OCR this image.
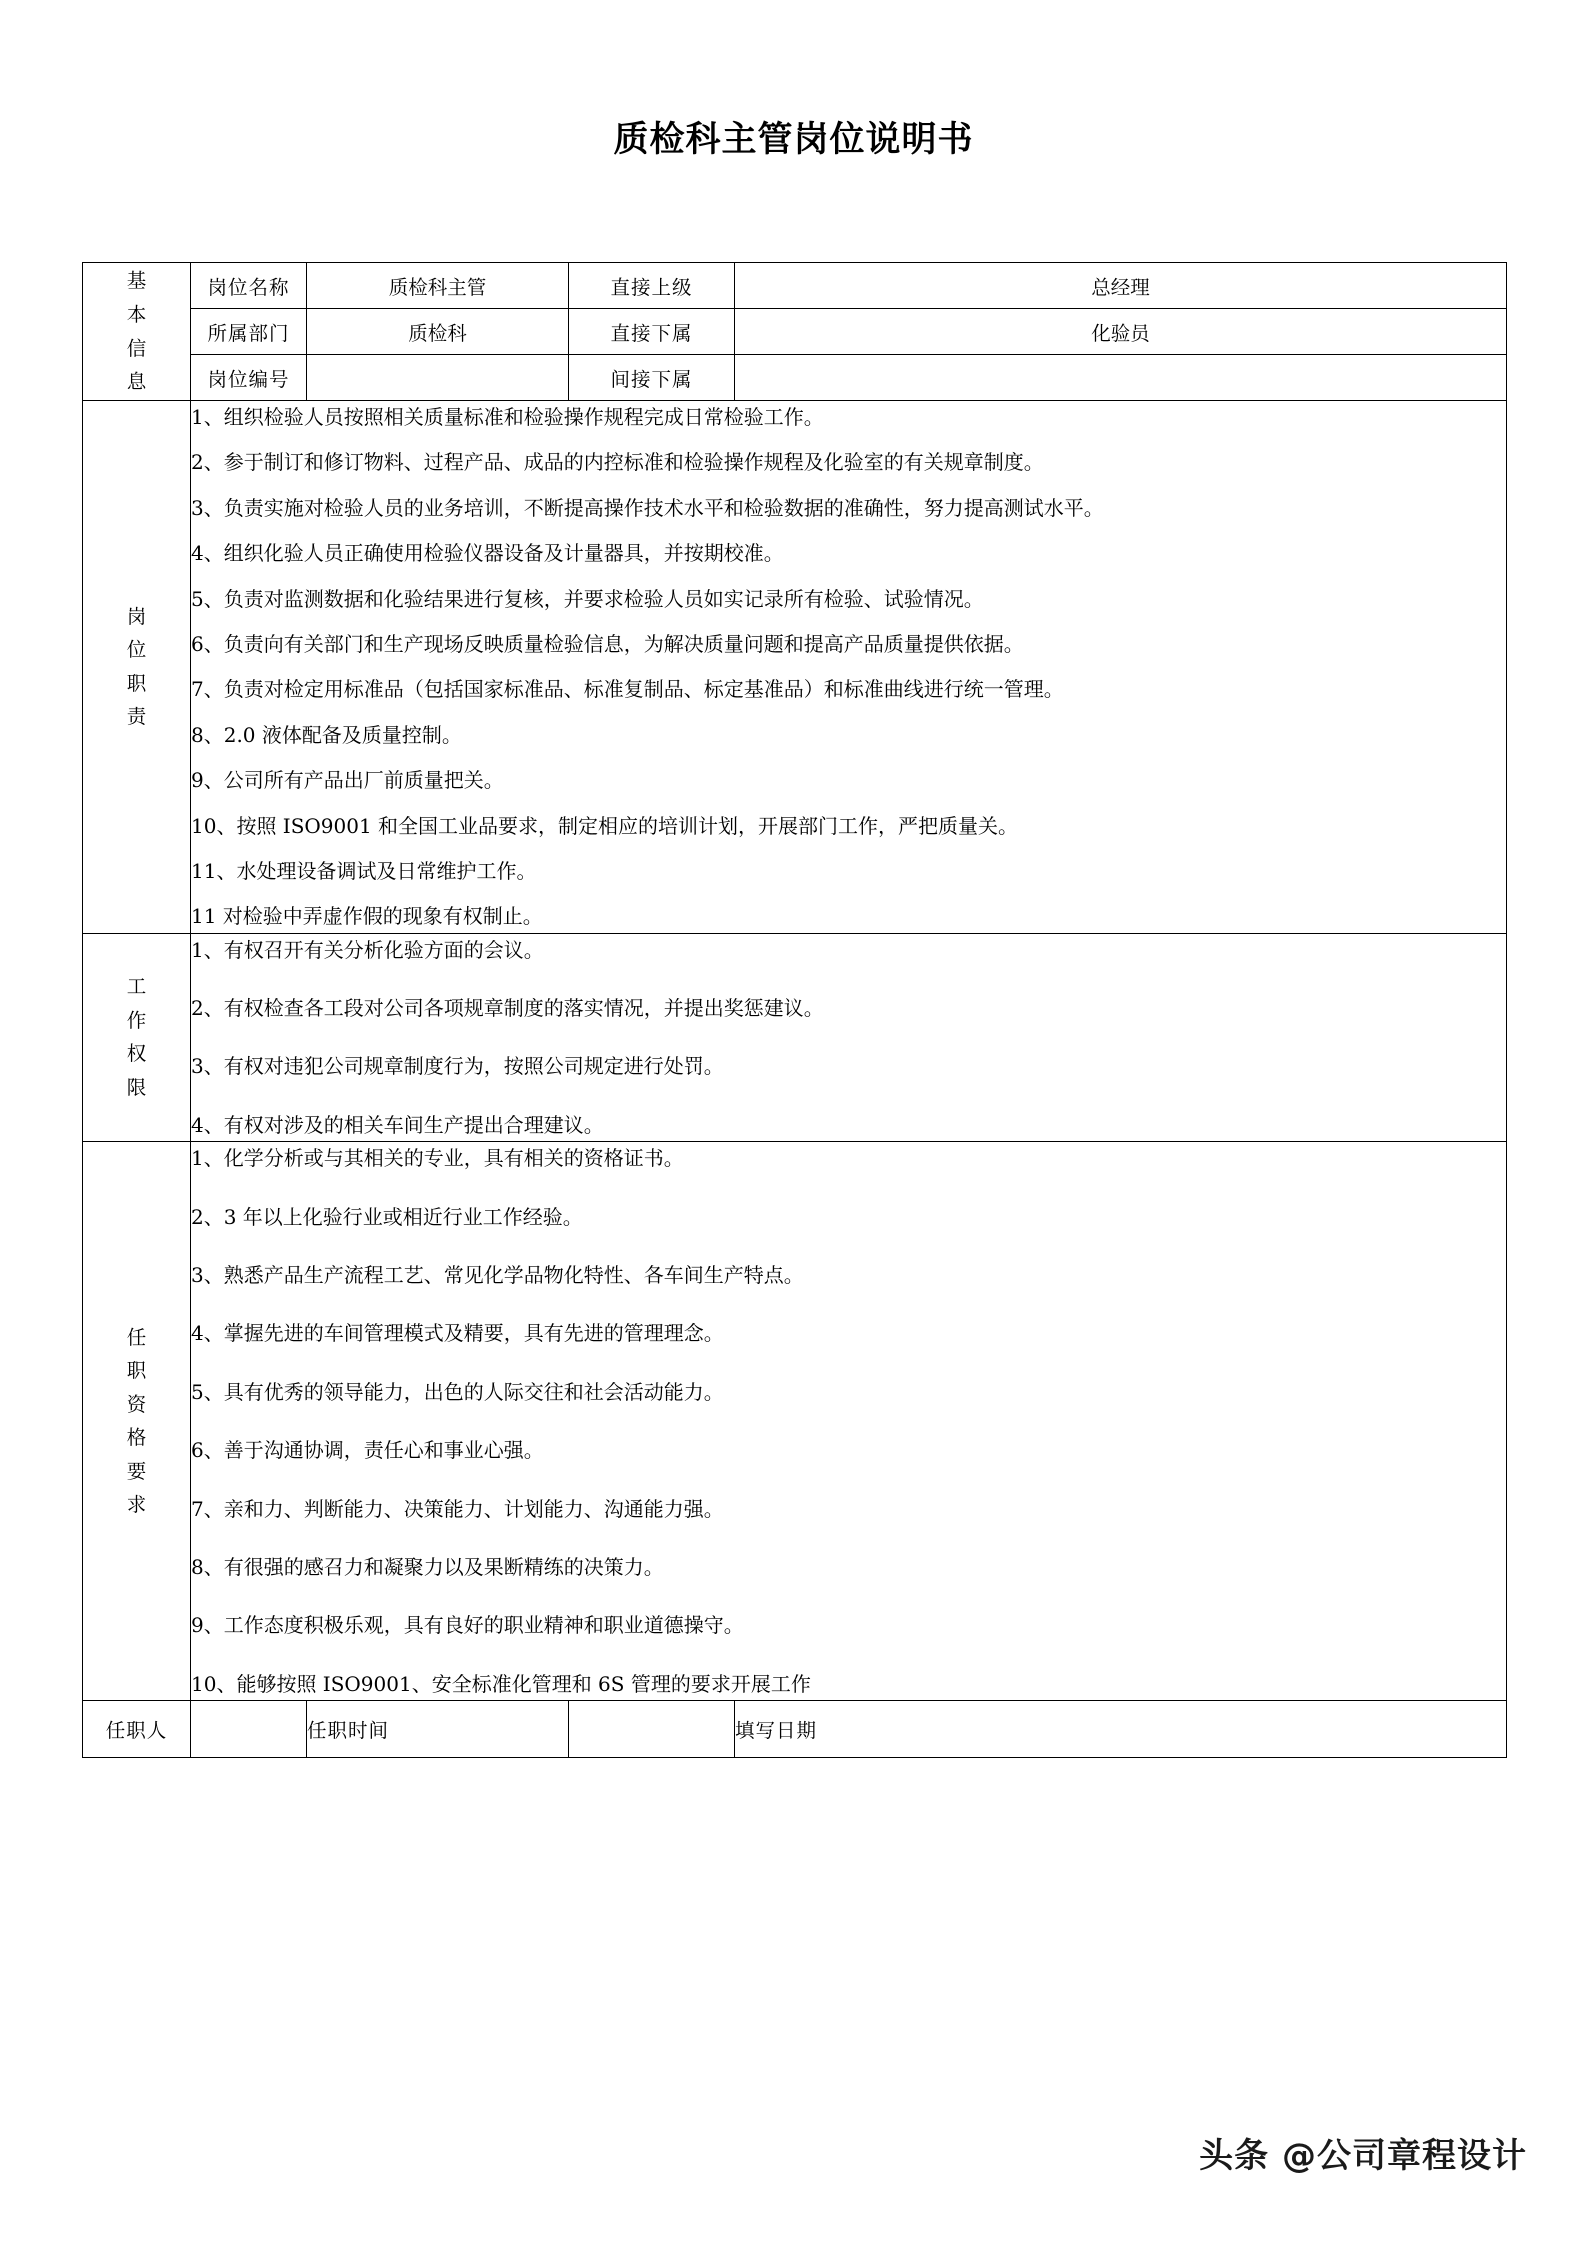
质检科主管岗位说明书
基
本
信
息	岗位名称	质检科主管	直接上级	总经理
	所属部门	质检科	直接下属	化验员
	岗位编号		间接下属	

岗
位
职
责

1、组织检验人员按照相关质量标准和检验操作规程完成日常检验工作。

2、参于制订和修订物料、过程产品、成品的内控标准和检验操作规程及化验室的有关规章制度。

3、负责实施对检验人员的业务培训，不断提高操作技术水平和检验数据的准确性，努力提高测试水平。

4、组织化验人员正确使用检验仪器设备及计量器具，并按期校准。

5、负责对监测数据和化验结果进行复核，并要求检验人员如实记录所有检验、试验情况。

6、负责向有关部门和生产现场反映质量检验信息，为解决质量问题和提高产品质量提供依据。

7、负责对检定用标准品（包括国家标准品、标准复制品、标定基准品）和标准曲线进行统一管理。

8、2.0 液体配备及质量控制。

9、公司所有产品出厂前质量把关。

10、按照 ISO9001 和全国工业品要求，制定相应的培训计划，开展部门工作，严把质量关。

11、水处理设备调试及日常维护工作。

11 对检验中弄虚作假的现象有权制止。

工
作
权
限

1、有权召开有关分析化验方面的会议。

2、有权检查各工段对公司各项规章制度的落实情况，并提出奖惩建议。

3、有权对违犯公司规章制度行为，按照公司规定进行处罚。

4、有权对涉及的相关车间生产提出合理建议。

任
职
资
格
要
求

1、化学分析或与其相关的专业，具有相关的资格证书。

2、3 年以上化验行业或相近行业工作经验。

3、熟悉产品生产流程工艺、常见化学品物化特性、各车间生产特点。

4、掌握先进的车间管理模式及精要，具有先进的管理理念。

5、具有优秀的领导能力，出色的人际交往和社会活动能力。

6、善于沟通协调，责任心和事业心强。

7、亲和力、判断能力、决策能力、计划能力、沟通能力强。

8、有很强的感召力和凝聚力以及果断精练的决策力。

9、工作态度积极乐观，具有良好的职业精神和职业道德操守。

10、能够按照 ISO9001、安全标准化管理和 6S 管理的要求开展工作

任职人		任职时间		填写日期
头条 @公司章程设计
